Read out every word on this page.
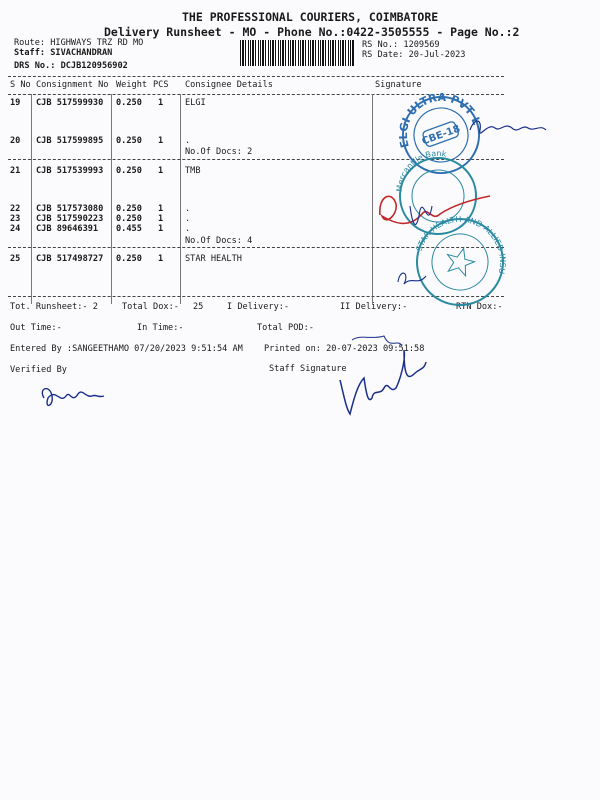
THE PROFESSIONAL COURIERS, COIMBATORE
Delivery Runsheet - MO - Phone No.:0422-3505555 - Page No.:2
Route: HIGHWAYS TRZ RD MO
Staff: SIVACHANDRAN
DRS No.: DCJB120956902
RS No.: 1209569
RS Date: 20-Jul-2023
S No Consignment No Weight PCS Consignee Details	Signature
19 CJB 517599930 0.250 1	ELGI
20 CJB 517599895 0.250 1	.
No.Of Docs: 2
21 CJB 517539993 0.250 1	TMB
22 CJB 517573080 0.250 1	.
23 CJB 517590223 0.250 1	.
24 CJB 89646391 0.455 1	.
No.Of Docs: 4
25 CJB 517498727 0.250 1	STAR HEALTH
Tot. Runsheet:- 2	Total Dox:- 25	I Delivery:-	II Delivery:-	RTN Dox:-
Out Time:-	In Time:-	Total POD:-
Entered By :SANGEETHAMO 07/20/2023 9:51:54 AM Printed on: 20-07-2023 09:51:58
Verified By	Staff Signature
ELGI ULTRA PVT LTD
CBE-18
Mercantile Bank
STAR HEALTH AND ALLIED INSURANCE
